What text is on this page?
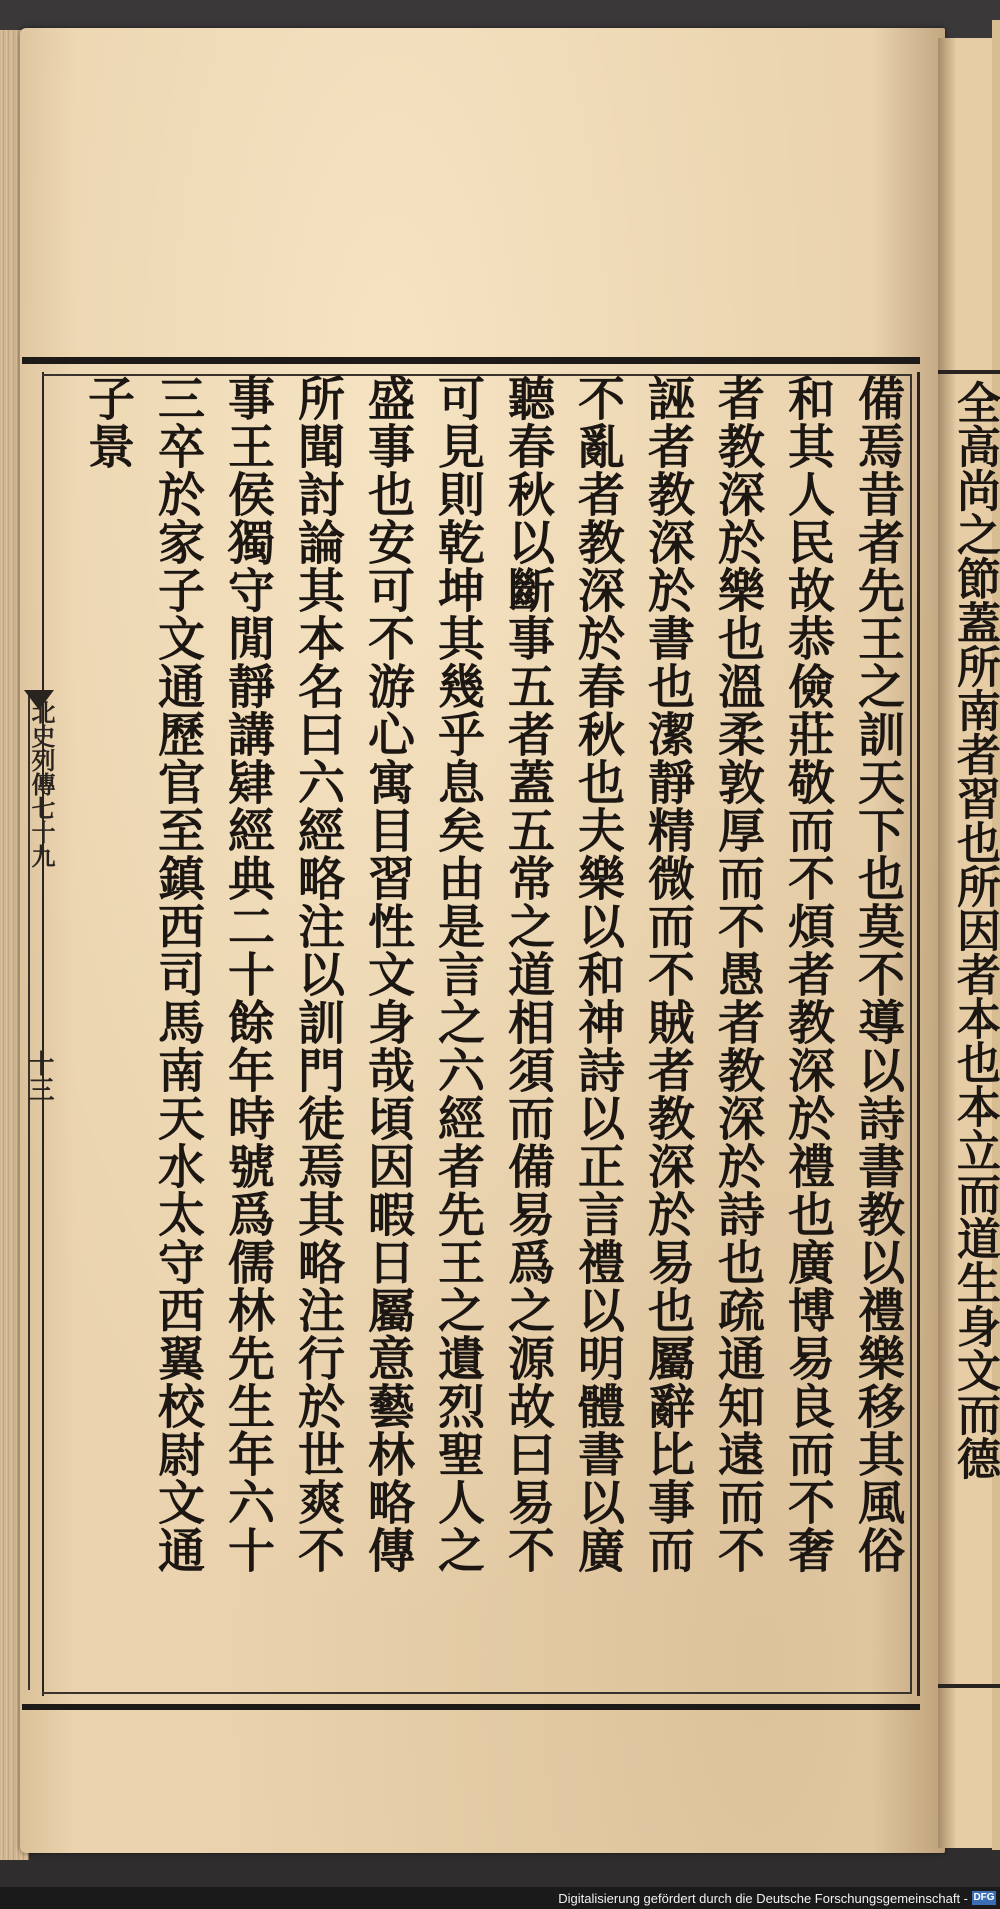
北史列傳七十九
十三	備焉昔者先王之訓天下也莫不導以詩書教以禮樂移其風俗
和其人民故恭儉莊敬而不煩者教深於禮也廣博易良而不奢
者教深於樂也溫柔敦厚而不愚者教深於詩也疏通知遠而不
誣者教深於書也潔靜精微而不賊者教深於易也屬辭比事而
不亂者教深於春秋也夫樂以和神詩以正言禮以明體書以廣
聽春秋以斷事五者蓋五常之道相須而備易爲之源故曰易不
可見則乾坤其幾乎息矣由是言之六經者先王之遺烈聖人之
盛事也安可不游心寓目習性文身哉頃因暇日屬意藝林略傳
所聞討論其本名曰六經略注以訓門徒焉其略注行於世爽不
事王侯獨守閒靜講肄經典二十餘年時號爲儒林先生年六十
三卒於家子文通歷官至鎮西司馬南天水太守西翼校尉文通
子景	全高尚之節蓋所南者習也所因者本也本立而道生身文而德
Digitalisierung gefördert durch die Deutsche Forschungsgemeinschaft - DFG
